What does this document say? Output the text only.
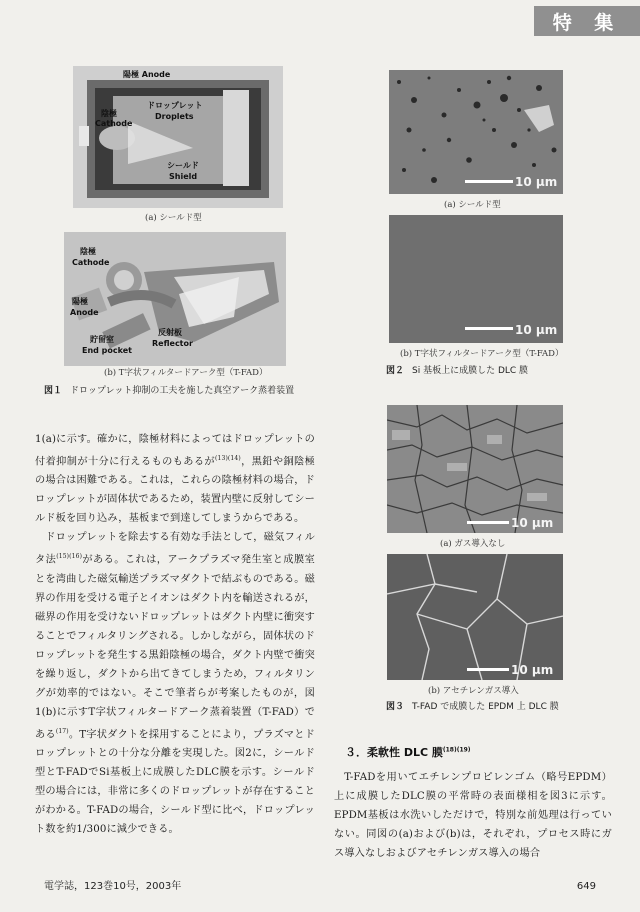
特 集
陽極 Anode
陰極
Cathode
ドロップレット
Droplets
シールド
Shield
(a) シールド型
陰極
Cathode
陽極
Anode
反射板
Reflector
貯留室
End pocket
(b) T字状フィルタードアーク型（T-FAD）
図１ ドロップレット抑制の工夫を施した真空アーク蒸着装置
10 μm
(a) シールド型
10 μm
(b) T字状フィルタードアーク型（T-FAD）
図２ Si 基板上に成膜した DLC 膜
10 μm
(a) ガス導入なし
10 μm
(b) アセチレンガス導入
図３ T-FAD で成膜した EPDM 上 DLC 膜

1(a)に示す。確かに，陰極材料によってはドロップレットの付着抑制が十分に行えるものもあるが$^{(13)(14)}$，黒鉛や銅陰極の場合は困難である。これは，これらの陰極材料の場合，ドロップレットが固体状であるため，装置内壁に反射してシールド板を回り込み，基板まで到達してしまうからである。

ドロップレットを除去する有効な手法として，磁気フィルタ法$^{(15)(16)}$がある。これは，アークプラズマ発生室と成膜室とを湾曲した磁気輸送プラズマダクトで結ぶものである。磁界の作用を受ける電子とイオンはダクト内を輸送されるが，磁界の作用を受けないドロップレットはダクト内壁に衝突することでフィルタリングされる。しかしながら，固体状のドロップレットを発生する黒鉛陰極の場合，ダクト内壁で衝突を繰り返し，ダクトから出てきてしまうため，フィルタリングが効率的ではない。そこで筆者らが考案したものが，図1(b)に示すT字状フィルタードアーク蒸着装置（T-FAD）である$^{(17)}$。T字状ダクトを採用することにより，プラズマとドロップレットとの十分な分離を実現した。図2に，シールド型とT-FADでSi基板上に成膜したDLC膜を示す。シールド型の場合には，非常に多くのドロップレットが存在することがわかる。T-FADの場合，シールド型に比べ，ドロップレット数を約1/300に減少できる。

３．柔軟性 DLC 膜$^{(18)(19)}$

T-FADを用いてエチレンプロピレンゴム（略号EPDM）上に成膜したDLC膜の平常時の表面様相を図3に示す。EPDM基板は水洗いしただけで，特別な前処理は行っていない。同図の(a)および(b)は，それぞれ，プロセス時にガス導入なしおよびアセチレンガス導入の場合

電学誌，123巻10号，2003年	649
